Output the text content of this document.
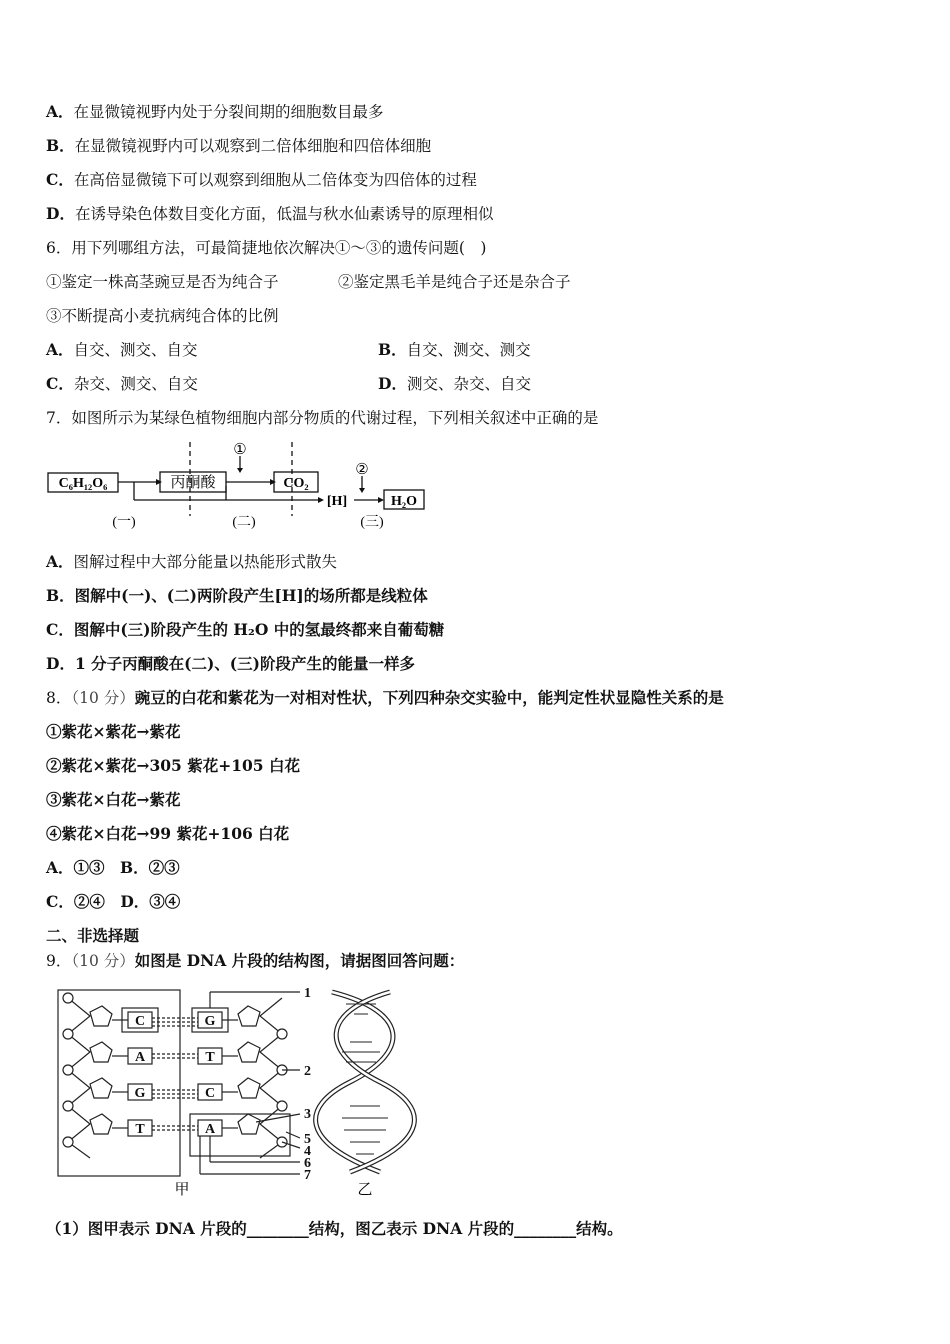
A．在显微镜视野内处于分裂间期的细胞数目最多
B．在显微镜视野内可以观察到二倍体细胞和四倍体细胞
C．在高倍显微镜下可以观察到细胞从二倍体变为四倍体的过程
D．在诱导染色体数目变化方面，低温与秋水仙素诱导的原理相似
6．用下列哪组方法，可最简捷地依次解决①～③的遗传问题(　)
①鉴定一株高茎豌豆是否为纯合子	②鉴定黑毛羊是纯合子还是杂合子
③不断提高小麦抗病纯合体的比例
A．自交、测交、自交	B．自交、测交、测交
C．杂交、测交、自交	D．测交、杂交、自交
7．如图所示为某绿色植物细胞内部分物质的代谢过程，下列相关叙述中正确的是
C₆H₁₂O₆	丙酮酸	CO₂
[H]	H₂O
①
②
(一)	(二)	(三)
A．图解过程中大部分能量以热能形式散失
B．图解中(一)、(二)两阶段产生[H]的场所都是线粒体
C．图解中(三)阶段产生的 H₂O 中的氢最终都来自葡萄糖
D．1 分子丙酮酸在(二)、(三)阶段产生的能量一样多
8．（10 分）豌豆的白花和紫花为一对相对性状，下列四种杂交实验中，能判定性状显隐性关系的是
①紫花×紫花→紫花
②紫花×紫花→305 紫花+105 白花
③紫花×白花→紫花
④紫花×白花→99 紫花+106 白花
A．①③　B．②③
C．②④　D．③④
二、非选择题
9．（10 分）如图是 DNA 片段的结构图，请据图回答问题：
C
A
G
T
G
T
C
A
1
2
3
5
4
6
7
甲	乙
（1）图甲表示 DNA 片段的________结构，图乙表示 DNA 片段的________结构。
